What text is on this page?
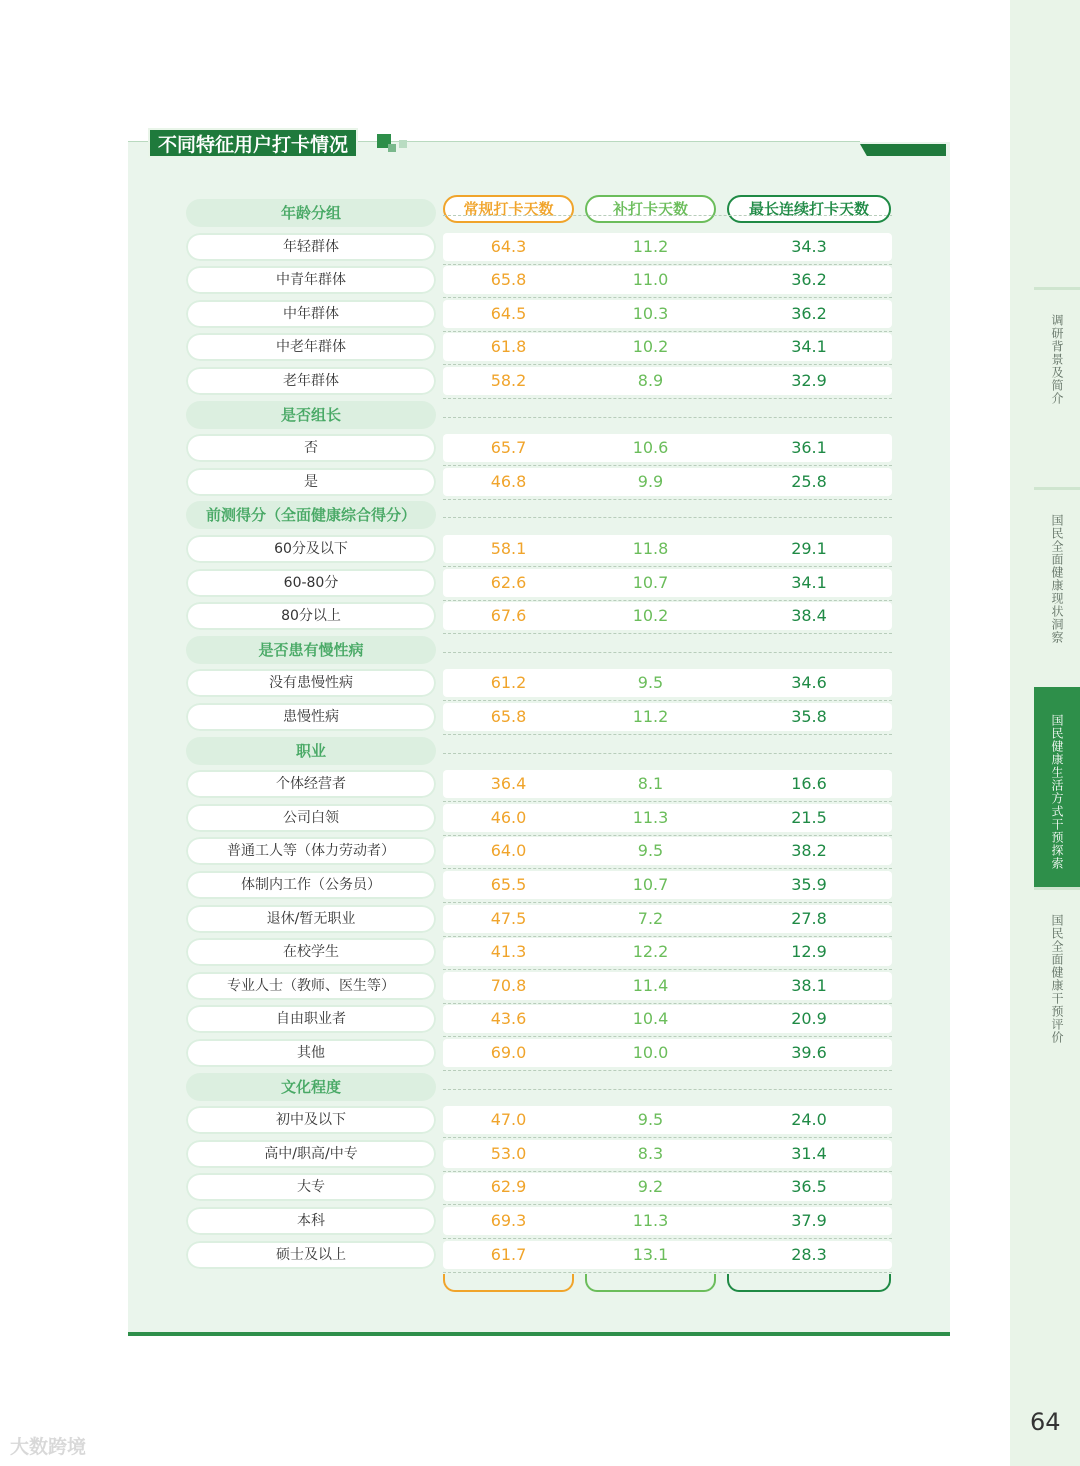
调研背景及简介
国民全面健康现状洞察
国民健康生活方式干预探索
国民全面健康干预评价
不同特征用户打卡情况
常规打卡天数	补打卡天数	最长连续打卡天数
年龄分组
年轻群体	64.3	11.2	34.3
中青年群体	65.8	11.0	36.2
中年群体	64.5	10.3	36.2
中老年群体	61.8	10.2	34.1
老年群体	58.2	8.9	32.9
是否组长
否	65.7	10.6	36.1
是	46.8	9.9	25.8
前测得分（全面健康综合得分）
60分及以下	58.1	11.8	29.1
60-80分	62.6	10.7	34.1
80分以上	67.6	10.2	38.4
是否患有慢性病
没有患慢性病	61.2	9.5	34.6
患慢性病	65.8	11.2	35.8
职业
个体经营者	36.4	8.1	16.6
公司白领	46.0	11.3	21.5
普通工人等（体力劳动者）	64.0	9.5	38.2
体制内工作（公务员）	65.5	10.7	35.9
退休/暂无职业	47.5	7.2	27.8
在校学生	41.3	12.2	12.9
专业人士（教师、医生等）	70.8	11.4	38.1
自由职业者	43.6	10.4	20.9
其他	69.0	10.0	39.6
文化程度
初中及以下	47.0	9.5	24.0
高中/职高/中专	53.0	8.3	31.4
大专	62.9	9.2	36.5
本科	69.3	11.3	37.9
硕士及以上	61.7	13.1	28.3
64
大数跨境
